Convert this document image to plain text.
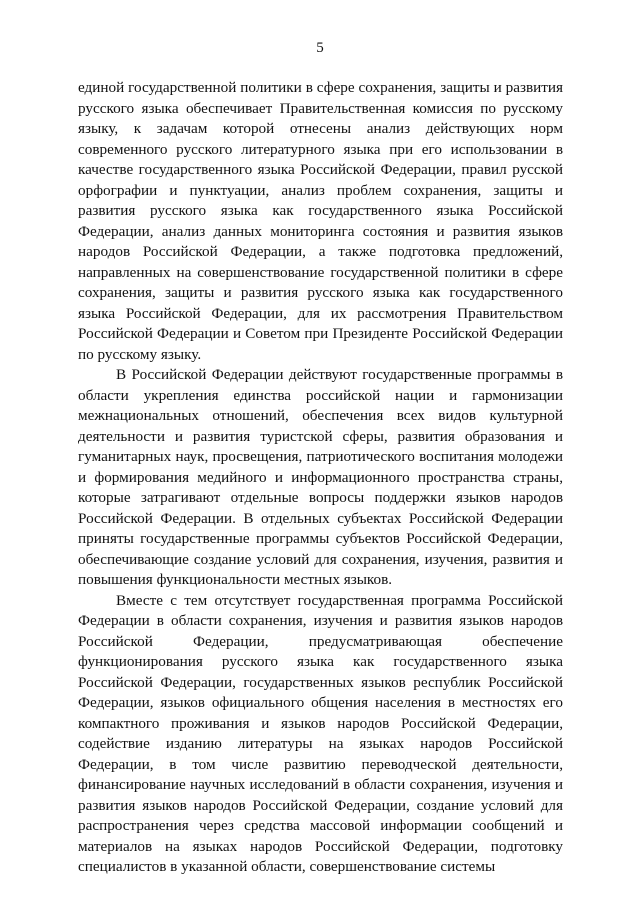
5

единой государственной политики в сфере сохранения, защиты и развития русского языка обеспечивает Правительственная комиссия по русскому языку, к задачам которой отнесены анализ действующих норм современного русского литературного языка при его использовании в качестве государственного языка Российской Федерации, правил русской орфографии и пунктуации, анализ проблем сохранения, защиты и развития русского языка как государственного языка Российской Федерации, анализ данных мониторинга состояния и развития языков народов Российской Федерации, а также подготовка предложений, направленных на совершенствование государственной политики в сфере сохранения, защиты и развития русского языка как государственного языка Российской Федерации, для их рассмотрения Правительством Российской Федерации и Советом при Президенте Российской Федерации по русскому языку.

В Российской Федерации действуют государственные программы в области укрепления единства российской нации и гармонизации межнациональных отношений, обеспечения всех видов культурной деятельности и развития туристской сферы, развития образования и гуманитарных наук, просвещения, патриотического воспитания молодежи и формирования медийного и информационного пространства страны, которые затрагивают отдельные вопросы поддержки языков народов Российской Федерации. В отдельных субъектах Российской Федерации приняты государственные программы субъектов Российской Федерации, обеспечивающие создание условий для сохранения, изучения, развития и повышения функциональности местных языков.

Вместе с тем отсутствует государственная программа Российской Федерации в области сохранения, изучения и развития языков народов Российской Федерации, предусматривающая обеспечение функционирования русского языка как государственного языка Российской Федерации, государственных языков республик Российской Федерации, языков официального общения населения в местностях его компактного проживания и языков народов Российской Федерации, содействие изданию литературы на языках народов Российской Федерации, в том числе развитию переводческой деятельности, финансирование научных исследований в области сохранения, изучения и развития языков народов Российской Федерации, создание условий для распространения через средства массовой информации сообщений и материалов на языках народов Российской Федерации, подготовку специалистов в указанной области, совершенствование системы
